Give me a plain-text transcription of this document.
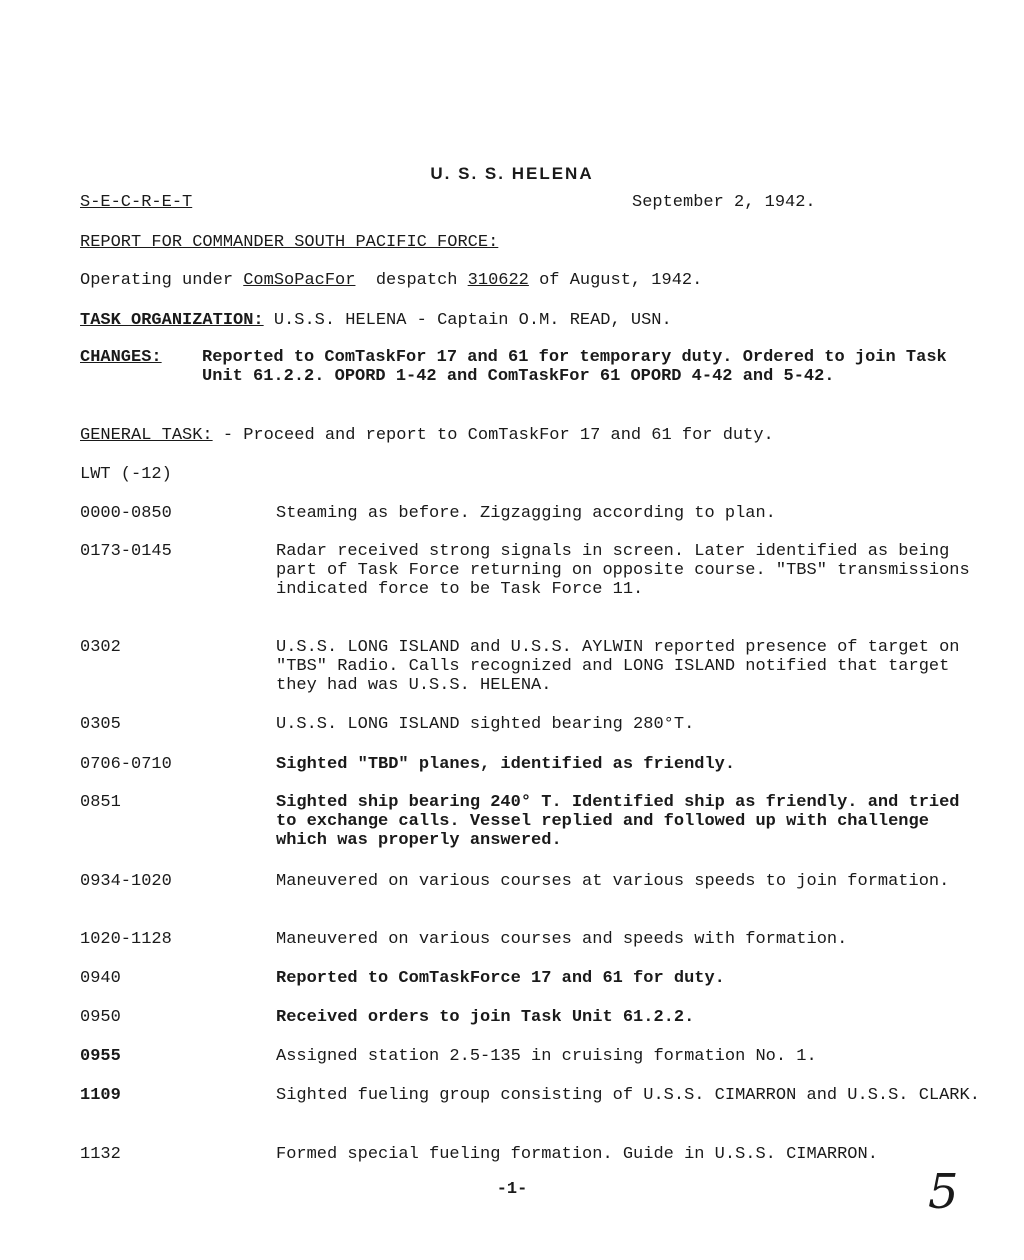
U. S. S. HELENA
S-E-C-R-E-T	September 2, 1942.
REPORT FOR COMMANDER SOUTH PACIFIC FORCE:
Operating under ComSoPacFor  despatch 310622 of August, 1942.
TASK ORGANIZATION: U.S.S. HELENA - Captain O.M. READ, USN.
CHANGES: Reported to ComTaskFor 17 and 61 for temporary duty. Ordered to join Task Unit 61.2.2. OPORD 1-42 and ComTaskFor 61 OPORD 4-42 and 5-42.
GENERAL TASK: - Proceed and report to ComTaskFor 17 and 61 for duty.
LWT (-12)
0000-0850	Steaming as before. Zigzagging according to plan.
0173-0145	Radar received strong signals in screen. Later identified as being part of Task Force returning on opposite course. "TBS" transmissions indicated force to be Task Force 11.
0302	U.S.S. LONG ISLAND and U.S.S. AYLWIN reported presence of target on "TBS" Radio. Calls recognized and LONG ISLAND notified that target they had was U.S.S. HELENA.
0305	U.S.S. LONG ISLAND sighted bearing 280°T.
0706-0710	Sighted "TBD" planes, identified as friendly.
0851	Sighted ship bearing 240° T. Identified ship as friendly. and tried to exchange calls. Vessel replied and followed up with challenge which was properly answered.
0934-1020	Maneuvered on various courses at various speeds to join formation.
1020-1128	Maneuvered on various courses and speeds with formation.
0940	Reported to ComTaskForce 17 and 61 for duty.
0950	Received orders to join Task Unit 61.2.2.
0955	Assigned station 2.5-135 in cruising formation No. 1.
1109	Sighted fueling group consisting of U.S.S. CIMARRON and U.S.S. CLARK.
1132	Formed special fueling formation. Guide in U.S.S. CIMARRON.
-1-	5
